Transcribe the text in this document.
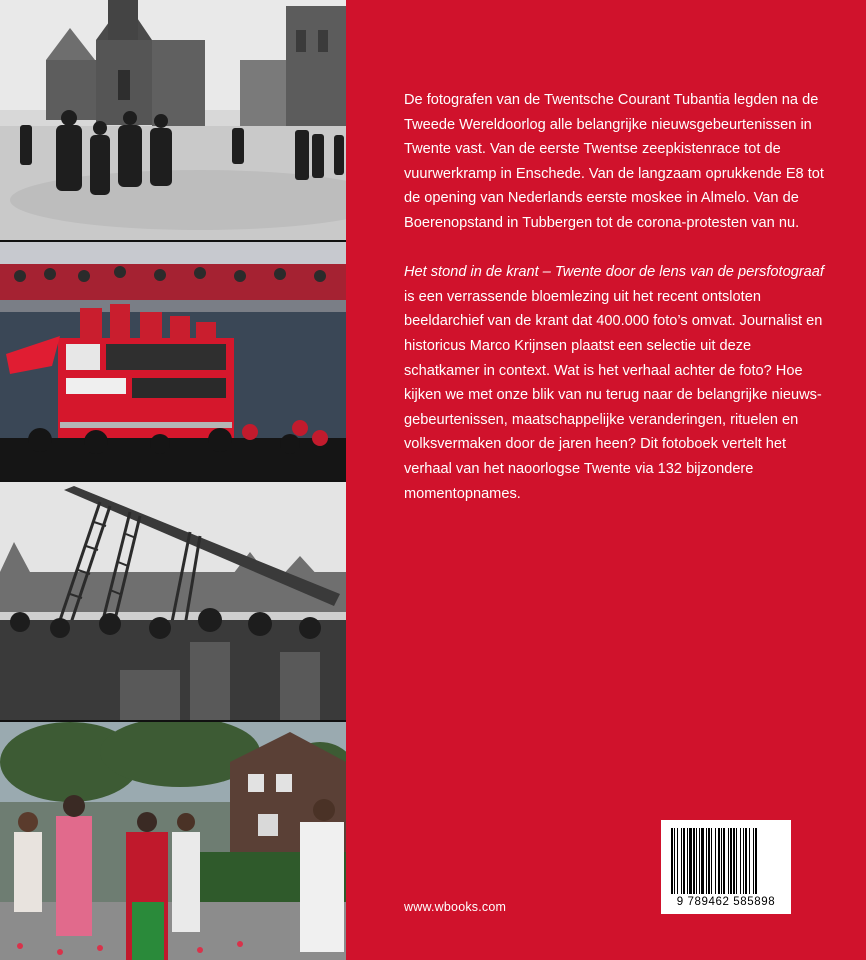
De fotografen van de Twentsche Courant Tubantia legden na de Tweede Wereldoorlog alle belangrijke nieuwsgebeurtenissen in Twente vast. Van de eerste Twentse zeepkistenrace tot de vuurwerkramp in Enschede. Van de langzaam oprukkende E8 tot de opening van Nederlands eerste moskee in Almelo. Van de Boerenopstand in Tubbergen tot de corona-protesten van nu.

Het stond in de krant – Twente door de lens van de persfotograaf is een verrassende bloemlezing uit het recent ontsloten beeldarchief van de krant dat 400.000 foto’s omvat. Journalist en historicus Marco Krijnsen plaatst een selectie uit deze schatkamer in context. Wat is het verhaal achter de foto? Hoe kijken we met onze blik van nu terug naar de belangrijke nieuws-gebeurtenissen, maatschappelijke veranderingen, rituelen en volksvermaken door de jaren heen? Dit fotoboek vertelt het verhaal van het naoorlogse Twente via 132 bijzondere momentopnames.

www.wbooks.com	9 789462 585898
